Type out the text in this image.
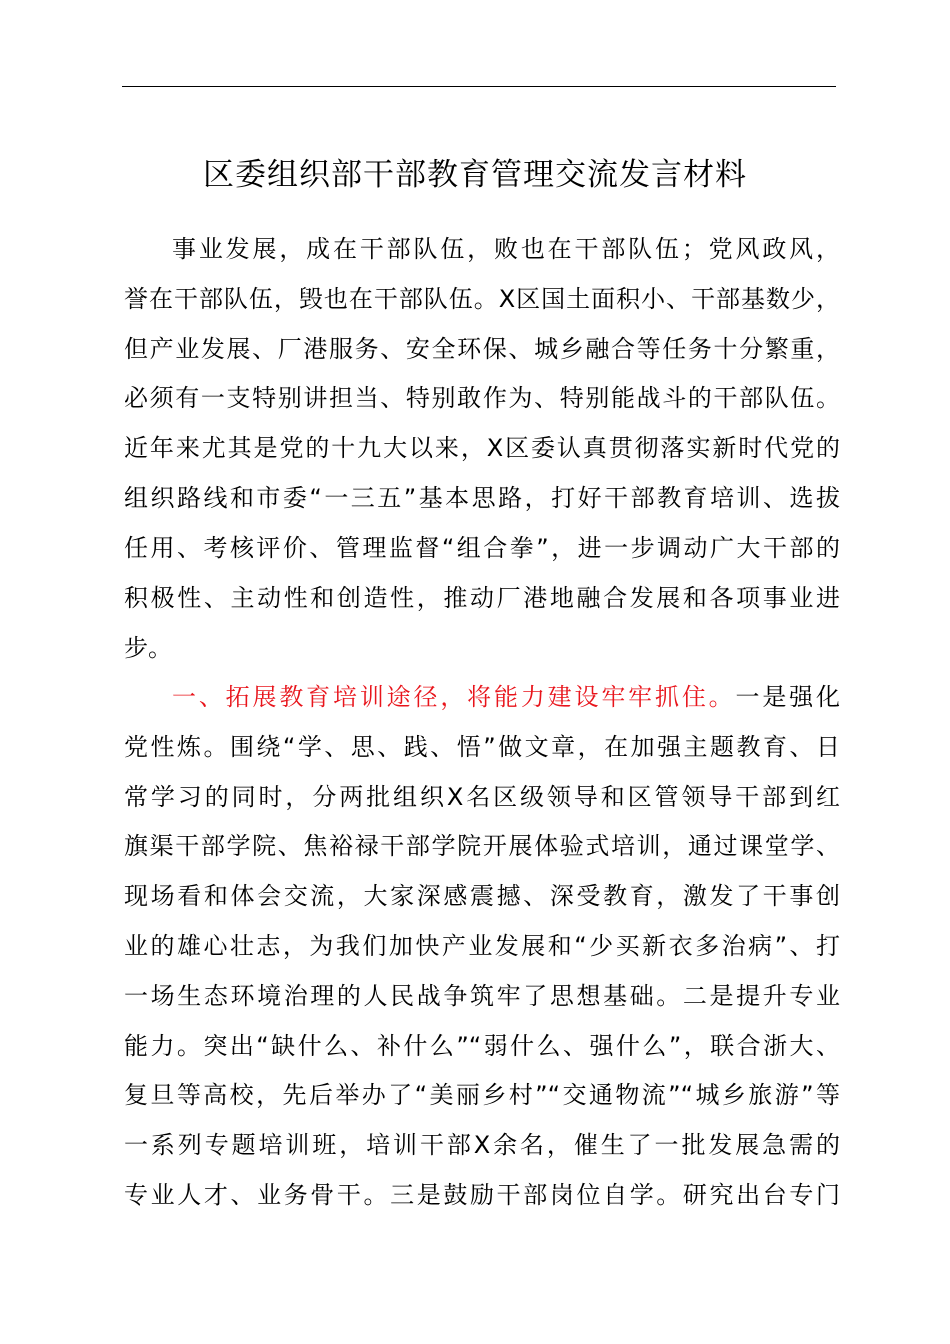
区委组织部干部教育管理交流发言材料

事业发展，成在干部队伍，败也在干部队伍；党风政风，

誉在干部队伍，毁也在干部队伍。X区国土面积小、干部基数少，

但产业发展、厂港服务、安全环保、城乡融合等任务十分繁重，

必须有一支特别讲担当、特别敢作为、特别能战斗的干部队伍。

近年来尤其是党的十九大以来，X区委认真贯彻落实新时代党的

组织路线和市委“一三五”基本思路，打好干部教育培训、选拔

任用、考核评价、管理监督“组合拳”，进一步调动广大干部的

积极性、主动性和创造性，推动厂港地融合发展和各项事业进

步。

一、拓展教育培训途径，将能力建设牢牢抓住。一是强化

党性炼。围绕“学、思、践、悟”做文章，在加强主题教育、日

常学习的同时，分两批组织X名区级领导和区管领导干部到红

旗渠干部学院、焦裕禄干部学院开展体验式培训，通过课堂学、

现场看和体会交流，大家深感震撼、深受教育，激发了干事创

业的雄心壮志，为我们加快产业发展和“少买新衣多治病”、打

一场生态环境治理的人民战争筑牢了思想基础。二是提升专业

能力。突出“缺什么、补什么”“弱什么、强什么”，联合浙大、

复旦等高校，先后举办了“美丽乡村”“交通物流”“城乡旅游”等

一系列专题培训班，培训干部X余名，催生了一批发展急需的

专业人才、业务骨干。三是鼓励干部岗位自学。研究出台专门
